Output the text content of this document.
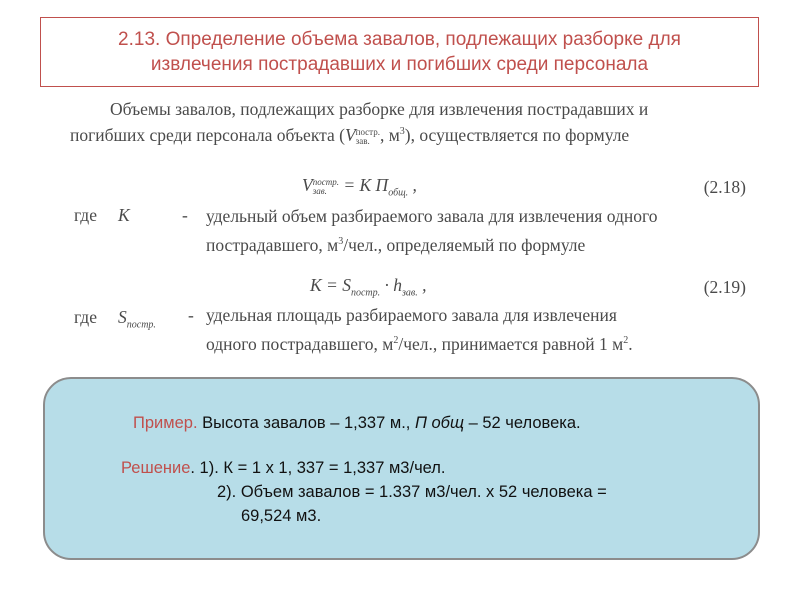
2.13. Определение объема завалов, подлежащих разборке для
извлечения пострадавших и погибших среди персонала
Объемы завалов, подлежащих разборке для извлечения пострадавших и
погибших среди персонала объекта (V постр.
зав. , $м^3$), осуществляется по формуле
V постр.
зав. = K $П_{общ.}$ ,	(2.18)
где K	- удельный объем разбираемого завала для извлечения одного
пострадавшего, $м^3$/чел., определяемый по формуле
$K = S_{постр.} \cdot h_{зав.}$ ,	(2.19)
где $S_{постр.}$ - удельная площадь разбираемого завала для извлечения
одного пострадавшего, $м^2$/чел., принимается равной 1 $м^2$.
Пример. Высота завалов – 1,337 м., П общ – 52 человека.
Решение. 1). К = 1 х 1, 337 = 1,337 м3/чел.
2). Объем завалов = 1.337 м3/чел. х 52 человека =
69,524 м3.
